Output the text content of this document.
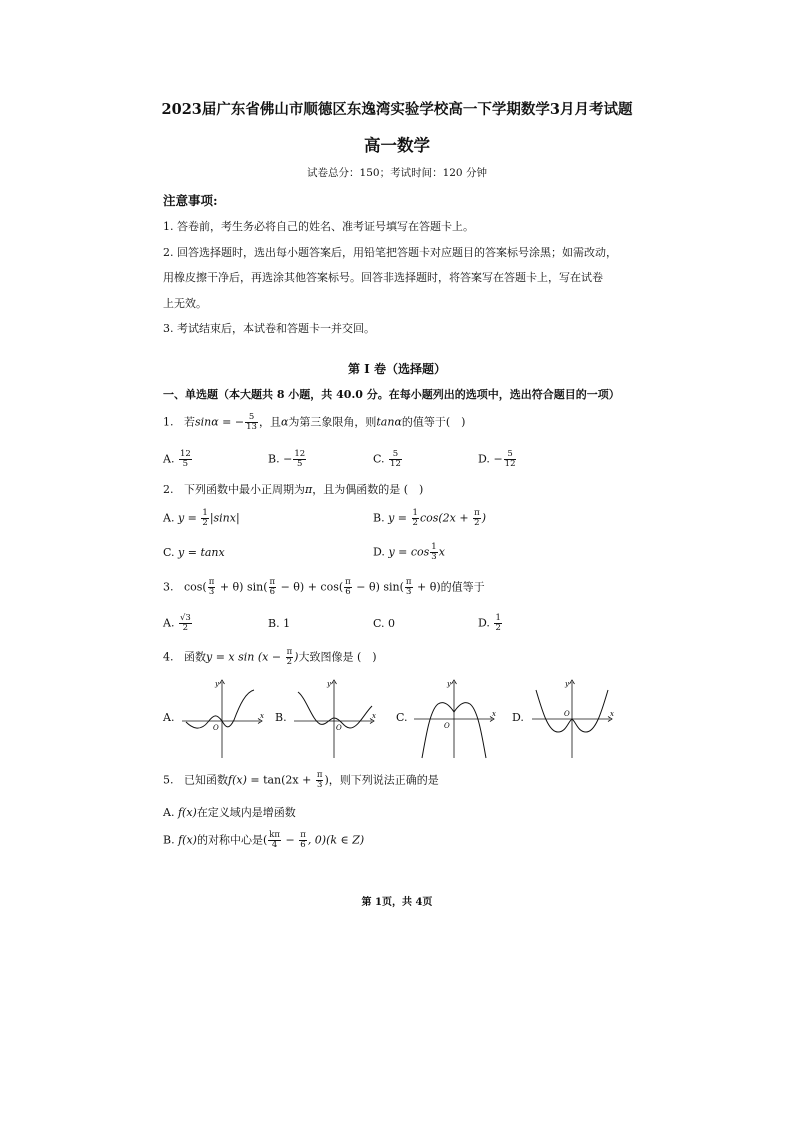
2023届广东省佛山市顺德区东逸湾实验学校高一下学期数学3月月考试题
高一数学
试卷总分：150；考试时间：120 分钟
注意事项:
1. 答卷前，考生务必将自己的姓名、准考证号填写在答题卡上。
2. 回答选择题时，选出每小题答案后，用铅笔把答题卡对应题目的答案标号涂黑；如需改动，
用橡皮擦干净后，再选涂其他答案标号。回答非选择题时，将答案写在答题卡上，写在试卷
上无效。
3. 考试结束后，本试卷和答题卡一并交回。
第 I 卷（选择题）
一、单选题（本大题共 8 小题，共 40.0 分。在每小题列出的选项中，选出符合题目的一项）
1. 若sinα = − $\frac{5}{13}$ ，且α为第三象限角，则tanα的值等于(　)
A. $\frac{12}{5}$	B. − $\frac{12}{5}$	C. $\frac{5}{12}$	D. − $\frac{5}{12}$
2. 下列函数中最小正周期为π，且为偶函数的是 (　)
A. $y = \frac{1}{2} |\sin x|$	B. $y = \frac{1}{2} \cos(2x + \frac{\pi}{2}$ )
C. y = tanx	D. $y = \cos \frac{1}{3}$ x
3. $\cos( \frac{\pi}{3} + \theta)$ $\sin( \frac{\pi}{6} - \theta) + \cos( \frac{\pi}{6} - \theta)$ $\sin( \frac{\pi}{3} + \theta)$的值等于
A. $\frac{√3}{2}$	B. 1	C. 0	D. $\frac{1}{2}$
4. 函数y = x $\sin (x - \frac{\pi}{2}$ )大致图像是 (　)
A.	B.	C.	D.
y
x
O
y
x
O
y
x
O
y
x
O
5. 已知函数$f(x) = \tan(2x + \frac{\pi}{3}$ )，则下列说法正确的是
A. f(x)在定义域内是增函数
B. f(x)的对称中心是( $\frac{k\pi}{4} - \frac{\pi}{6}$ , 0)(k ∈ Z)
第 1页，共 4页
